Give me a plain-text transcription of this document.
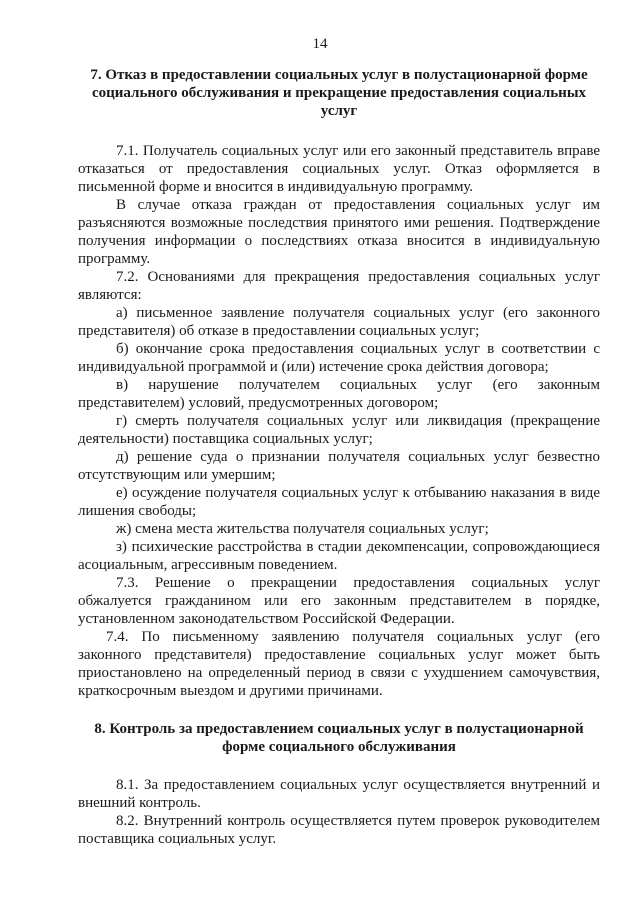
14

7. Отказ в предоставлении социальных услуг в полустационарной форме социального обслуживания и прекращение предоставления социальных услуг

7.1. Получатель социальных услуг или его законный представитель вправе отказаться от предоставления социальных услуг. Отказ оформляется в письменной форме и вносится в индивидуальную программу.

В случае отказа граждан от предоставления социальных услуг им разъясняются возможные последствия принятого ими решения. Подтверждение получения информации о последствиях отказа вносится в индивидуальную программу.

7.2. Основаниями для прекращения предоставления социальных услуг являются:

а) письменное заявление получателя социальных услуг (его законного представителя) об отказе в предоставлении социальных услуг;

б) окончание срока предоставления социальных услуг в соответствии с индивидуальной программой и (или) истечение срока действия договора;

в) нарушение получателем социальных услуг (его законным представителем) условий, предусмотренных договором;

г) смерть получателя социальных услуг или ликвидация (прекращение деятельности) поставщика социальных услуг;

д) решение суда о признании получателя социальных услуг безвестно отсутствующим или умершим;

е) осуждение получателя социальных услуг к отбыванию наказания в виде лишения свободы;

ж) смена места жительства получателя социальных услуг;

з) психические расстройства в стадии декомпенсации, сопровождающиеся асоциальным, агрессивным поведением.

7.3. Решение о прекращении предоставления социальных услуг обжалуется гражданином или его законным представителем в порядке, установленном законодательством Российской Федерации.

7.4. По письменному заявлению получателя социальных услуг (его законного представителя) предоставление социальных услуг может быть приостановлено на определенный период в связи с ухудшением самочувствия, краткосрочным выездом и другими причинами.

8. Контроль за предоставлением социальных услуг в полустационарной форме социального обслуживания

8.1. За предоставлением социальных услуг осуществляется внутренний и внешний контроль.

8.2. Внутренний контроль осуществляется путем проверок руководителем поставщика социальных услуг.
